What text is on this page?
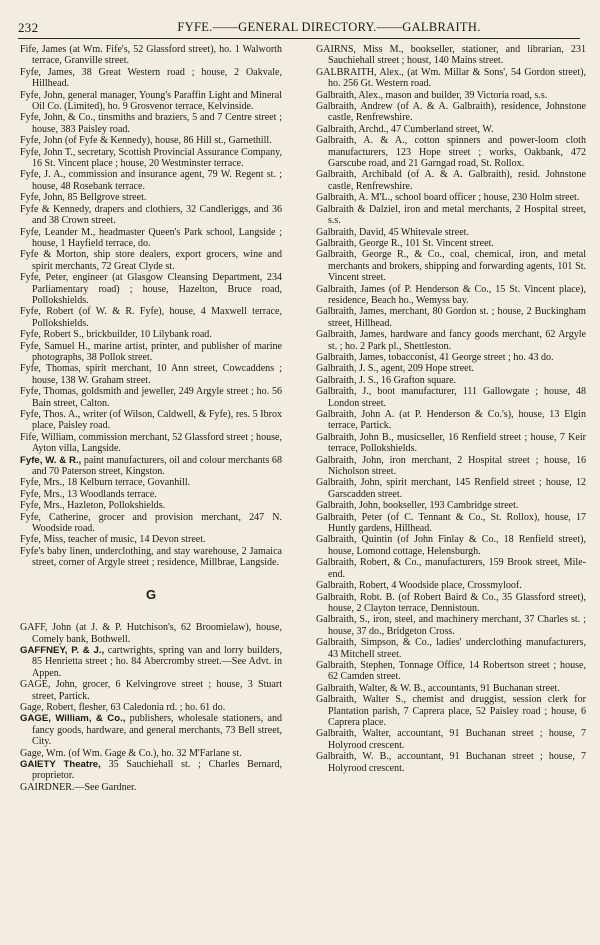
232	FYFE.——GENERAL DIRECTORY.——GALBRAITH.

Fife, James (at Wm. Fife's, 52 Glassford street), ho. 1 Walworth terrace, Granville street.

Fyfe, James, 38 Great Western road ; house, 2 Oakvale, Hillhead.

Fyfe, John, general manager, Young's Paraffin Light and Mineral Oil Co. (Limited), ho. 9 Grosvenor terrace, Kelvinside.

Fyfe, John, & Co., tinsmiths and braziers, 5 and 7 Centre street ; house, 383 Paisley road.

Fyfe, John (of Fyfe & Kennedy), house, 86 Hill st., Garnethill.

Fyfe, John T., secretary, Scottish Provincial Assurance Company, 16 St. Vincent place ; house, 20 Westminster terrace.

Fyfe, J. A., commission and insurance agent, 79 W. Regent st. ; house, 48 Rosebank terrace.

Fyfe, John, 85 Bellgrove street.

Fyfe & Kennedy, drapers and clothiers, 32 Candleriggs, and 36 and 38 Crown street.

Fyfe, Leander M., headmaster Queen's Park school, Langside ; house, 1 Hayfield terrace, do.

Fyfe & Morton, ship store dealers, export grocers, wine and spirit merchants, 72 Great Clyde st.

Fyfe, Peter, engineer (at Glasgow Cleansing Department, 234 Parliamentary road) ; house, Hazelton, Bruce road, Pollokshields.

Fyfe, Robert (of W. & R. Fyfe), house, 4 Maxwell terrace, Pollokshields.

Fyfe, Robert S., brickbuilder, 10 Lilybank road.

Fyfe, Samuel H., marine artist, printer, and publisher of marine photographs, 38 Pollok street.

Fyfe, Thomas, spirit merchant, 10 Ann street, Cowcaddens ; house, 138 W. Graham street.

Fyfe, Thomas, goldsmith and jeweller, 249 Argyle street ; ho. 56 Bain street, Calton.

Fyfe, Thos. A., writer (of Wilson, Caldwell, & Fyfe), res. 5 Ibrox place, Paisley road.

Fife, William, commission merchant, 52 Glassford street ; house, Ayton villa, Langside.

Fyfe, W. & R., paint manufacturers, oil and colour merchants 68 and 70 Paterson street, Kingston.

Fyfe, Mrs., 18 Kelburn terrace, Govanhill.

Fyfe, Mrs., 13 Woodlands terrace.

Fyfe, Mrs., Hazleton, Pollokshields.

Fyfe, Catherine, grocer and provision merchant, 247 N. Woodside road.

Fyfe, Miss, teacher of music, 14 Devon street.

Fyfe's baby linen, underclothing, and stay warehouse, 2 Jamaica street, corner of Argyle street ; residence, Millbrae, Langside.

G

GAFF, John (at J. & P. Hutchison's, 62 Broomielaw), house, Comely bank, Bothwell.

GAFFNEY, P. & J., cartwrights, spring van and lorry builders, 85 Henrietta street ; ho. 84 Abercromby street.—See Advt. in Appen.

GAGE, John, grocer, 6 Kelvingrove street ; house, 3 Stuart street, Partick.

Gage, Robert, flesher, 63 Caledonia rd. ; ho. 61 do.

GAGE, William, & Co., publishers, wholesale stationers, and fancy goods, hardware, and general merchants, 73 Bell street, City.

Gage, Wm. (of Wm. Gage & Co.), ho. 32 M'Farlane st.

GAIETY Theatre, 35 Sauchiehall st. ; Charles Bernard, proprietor.

GAIRDNER.—See Gardner.

GAIRNS, Miss M., bookseller, stationer, and librarian, 231 Sauchiehall street ; houst, 140 Mains street.

GALBRAITH, Alex., (at Wm. Millar & Sons', 54 Gordon street), ho. 256 Gt. Western road.

Galbraith, Alex., mason and builder, 39 Victoria road, s.s.

Galbraith, Andrew (of A. & A. Galbraith), residence, Johnstone castle, Renfrewshire.

Galbraith, Archd., 47 Cumberland street, W.

Galbraith, A. & A., cotton spinners and power-loom cloth manufacturers, 123 Hope street ; works, Oakbank, 472 Garscube road, and 21 Garngad road, St. Rollox.

Galbraith, Archibald (of A. & A. Galbraith), resid. Johnstone castle, Renfrewshire.

Galbraith, A. M'L., school board officer ; house, 230 Holm street.

Galbraith & Dalziel, iron and metal merchants, 2 Hospital street, s.s.

Galbraith, David, 45 Whitevale street.

Galbraith, George R., 101 St. Vincent street.

Galbraith, George R., & Co., coal, chemical, iron, and metal merchants and brokers, shipping and forwarding agents, 101 St. Vincent street.

Galbraith, James (of P. Henderson & Co., 15 St. Vincent place), residence, Beach ho., Wemyss bay.

Galbraith, James, merchant, 80 Gordon st. ; house, 2 Buckingham street, Hillhead.

Galbraith, James, hardware and fancy goods merchant, 62 Argyle st. ; ho. 2 Park pl., Shettleston.

Galbraith, James, tobacconist, 41 George street ; ho. 43 do.

Galbraith, J. S., agent, 209 Hope street.

Galbraith, J. S., 16 Grafton square.

Galbraith, J., boot manufacturer, 111 Gallowgate ; house, 48 London street.

Galbraith, John A. (at P. Henderson & Co.'s), house, 13 Elgin terrace, Partick.

Galbraith, John B., musicseller, 16 Renfield street ; house, 7 Keir terrace, Pollokshields.

Galbraith, John, iron merchant, 2 Hospital street ; house, 16 Nicholson street.

Galbraith, John, spirit merchant, 145 Renfield street ; house, 12 Garscadden street.

Galbraith, John, bookseller, 193 Cambridge street.

Galbraith, Peter (of C. Tennant & Co., St. Rollox), house, 17 Huntly gardens, Hillhead.

Galbraith, Quintin (of John Finlay & Co., 18 Renfield street), house, Lomond cottage, Helensburgh.

Galbraith, Robert, & Co., manufacturers, 159 Brook street, Mile-end.

Galbraith, Robert, 4 Woodside place, Crossmyloof.

Galbraith, Robt. B. (of Robert Baird & Co., 35 Glassford street), house, 2 Clayton terrace, Dennistoun.

Galbraith, S., iron, steel, and machinery merchant, 37 Charles st. ; house, 37 do., Bridgeton Cross.

Galbraith, Simpson, & Co., ladies' underclothing manufacturers, 43 Mitchell street.

Galbraith, Stephen, Tonnage Office, 14 Robertson street ; house, 62 Camden street.

Galbraith, Walter, & W. B., accountants, 91 Buchanan street.

Galbraith, Walter S., chemist and druggist, session clerk for Plantation parish, 7 Caprera place, 52 Paisley road ; house, 6 Caprera place.

Galbraith, Walter, accountant, 91 Buchanan street ; house, 7 Holyrood crescent.

Galbraith, W. B., accountant, 91 Buchanan street ; house, 7 Holyrood crescent.
